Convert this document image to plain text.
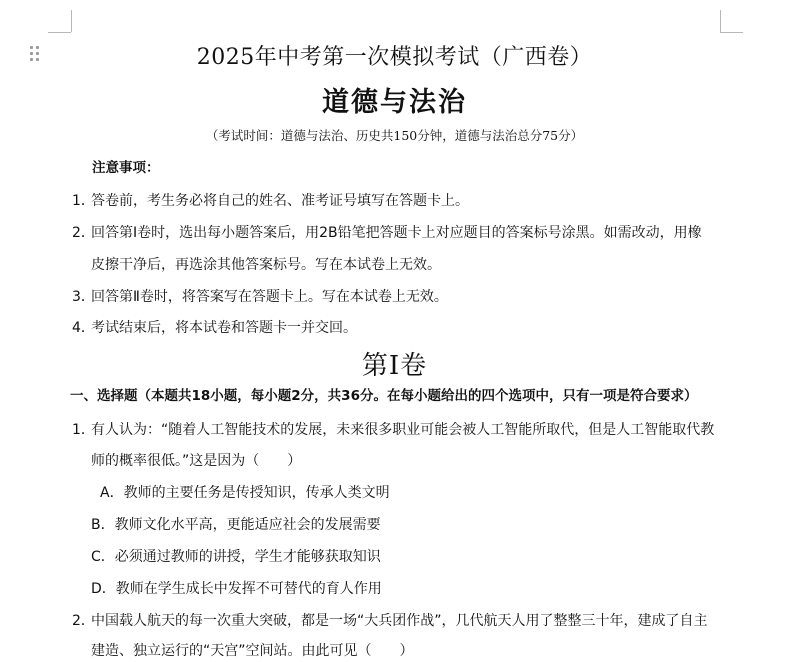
2025年中考第一次模拟考试（广西卷）
道德与法治
（考试时间：道德与法治、历史共150分钟，道德与法治总分75分）
注意事项：
1．答卷前，考生务必将自己的姓名、准考证号填写在答题卡上。
2．回答第Ⅰ卷时，选出每小题答案后，用2B铅笔把答题卡上对应题目的答案标号涂黑。如需改动，用橡
皮擦干净后，再选涂其他答案标号。写在本试卷上无效。
3．回答第Ⅱ卷时，将答案写在答题卡上。写在本试卷上无效。
4．考试结束后，将本试卷和答题卡一并交回。
第Ⅰ卷
一、选择题（本题共18小题，每小题2分，共36分。在每小题给出的四个选项中，只有一项是符合要求）
1．有人认为：“随着人工智能技术的发展，未来很多职业可能会被人工智能所取代，但是人工智能取代教
师的概率很低。”这是因为（　　）
A．教师的主要任务是传授知识，传承人类文明
B．教师文化水平高，更能适应社会的发展需要
C．必须通过教师的讲授，学生才能够获取知识
D．教师在学生成长中发挥不可替代的育人作用
2．中国载人航天的每一次重大突破，都是一场“大兵团作战”，几代航天人用了整整三十年，建成了自主
建造、独立运行的“天宫”空间站。由此可见（　　）
